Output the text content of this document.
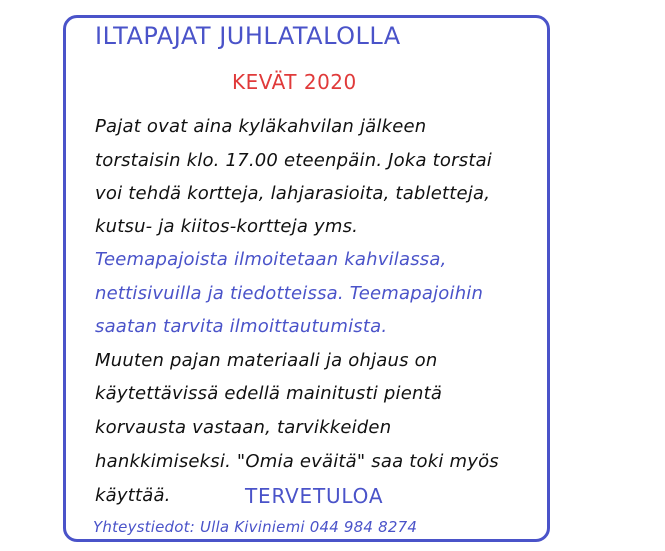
ILTAPAJAT JUHLATALOLLA
KEVÄT 2020
Pajat ovat aina kyläkahvilan jälkeen
torstaisin klo. 17.00 eteenpäin. Joka torstai
voi tehdä kortteja, lahjarasioita, tabletteja,
kutsu- ja kiitos-kortteja yms.
Teemapajoista ilmoitetaan kahvilassa,
nettisivuilla ja tiedotteissa. Teemapajoihin
saatan tarvita ilmoittautumista.
Muuten pajan materiaali ja ohjaus on
käytettävissä edellä mainitusti pientä
korvausta vastaan, tarvikkeiden
hankkimiseksi. "Omia eväitä" saa toki myös
käyttää.	TERVETULOA
Yhteystiedot: Ulla Kiviniemi 044 984 8274
